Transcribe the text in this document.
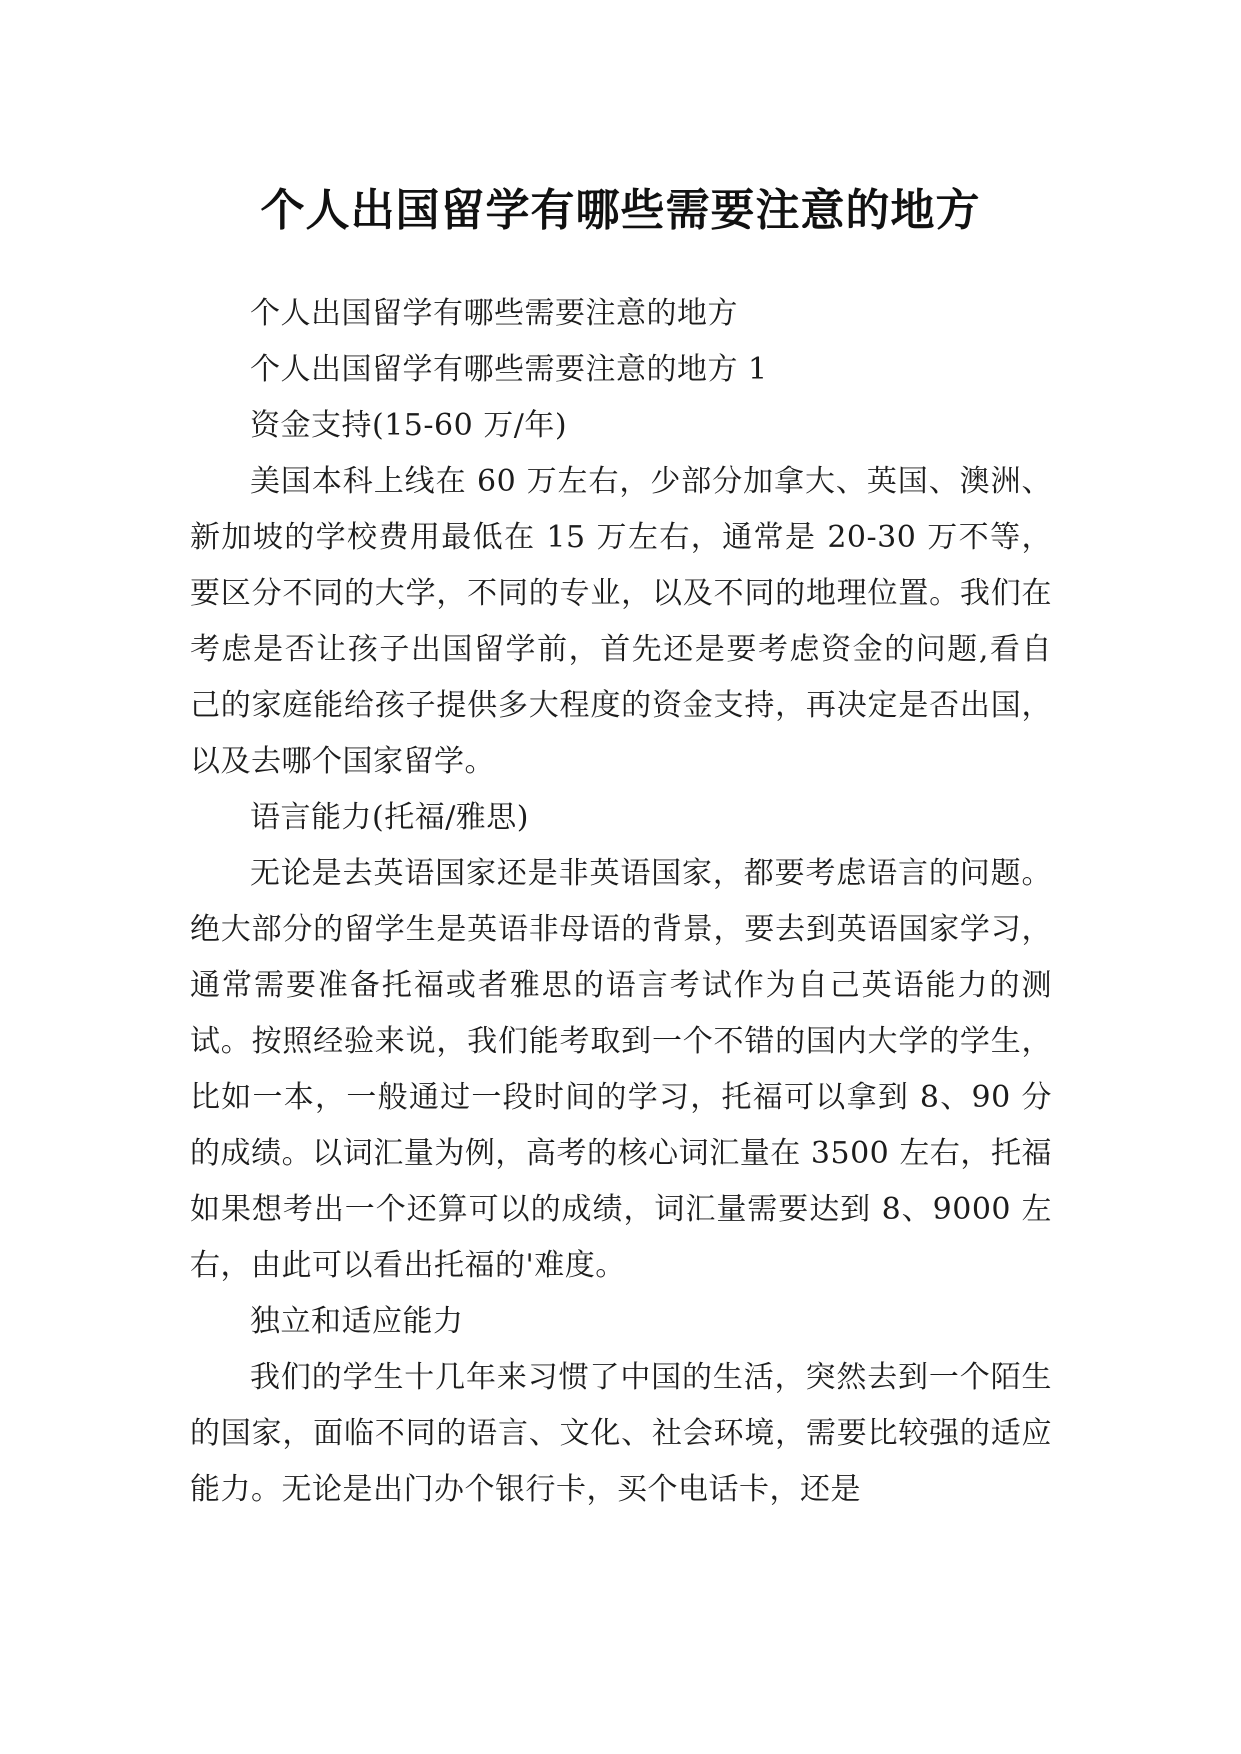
个人出国留学有哪些需要注意的地方

个人出国留学有哪些需要注意的地方

个人出国留学有哪些需要注意的地方 1

资金支持(15-60 万/年)

美国本科上线在 60 万左右，少部分加拿大、英国、澳洲、新加坡的学校费用最低在 15 万左右，通常是 20-30 万不等，要区分不同的大学，不同的专业，以及不同的地理位置。我们在考虑是否让孩子出国留学前，首先还是要考虑资金的问题,看自己的家庭能给孩子提供多大程度的资金支持，再决定是否出国，以及去哪个国家留学。

语言能力(托福/雅思)

无论是去英语国家还是非英语国家，都要考虑语言的问题。绝大部分的留学生是英语非母语的背景，要去到英语国家学习，通常需要准备托福或者雅思的语言考试作为自己英语能力的测试。按照经验来说，我们能考取到一个不错的国内大学的学生，比如一本，一般通过一段时间的学习，托福可以拿到 8、90 分的成绩。以词汇量为例，高考的核心词汇量在 3500 左右，托福如果想考出一个还算可以的成绩，词汇量需要达到 8、9000 左右，由此可以看出托福的'难度。

独立和适应能力

我们的学生十几年来习惯了中国的生活，突然去到一个陌生的国家，面临不同的语言、文化、社会环境，需要比较强的适应能力。无论是出门办个银行卡，买个电话卡，还是
